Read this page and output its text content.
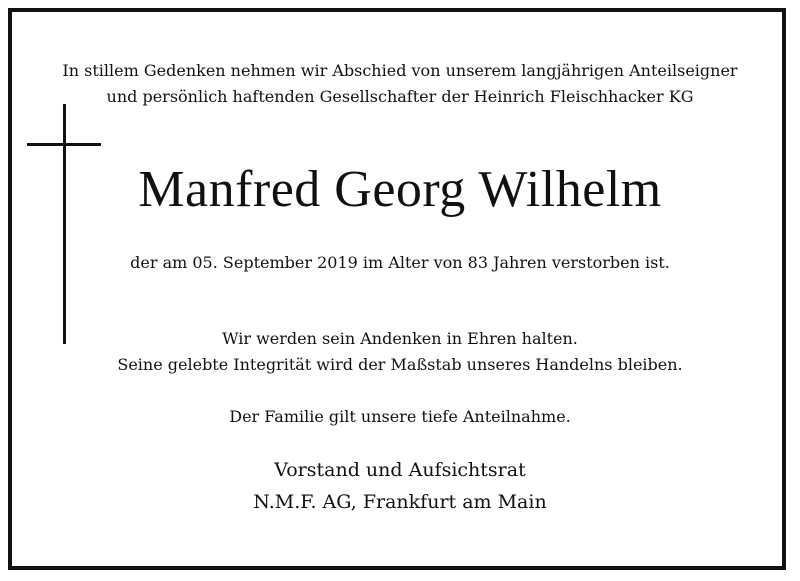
In stillem Gedenken nehmen wir Abschied von unserem langjährigen Anteilseigner
und persönlich haftenden Gesellschafter der Heinrich Fleischhacker KG
Manfred Georg Wilhelm
der am 05. September 2019 im Alter von 83 Jahren verstorben ist.
Wir werden sein Andenken in Ehren halten.
Seine gelebte Integrität wird der Maßstab unseres Handelns bleiben.
Der Familie gilt unsere tiefe Anteilnahme.
Vorstand und Aufsichtsrat
N.M.F. AG, Frankfurt am Main
